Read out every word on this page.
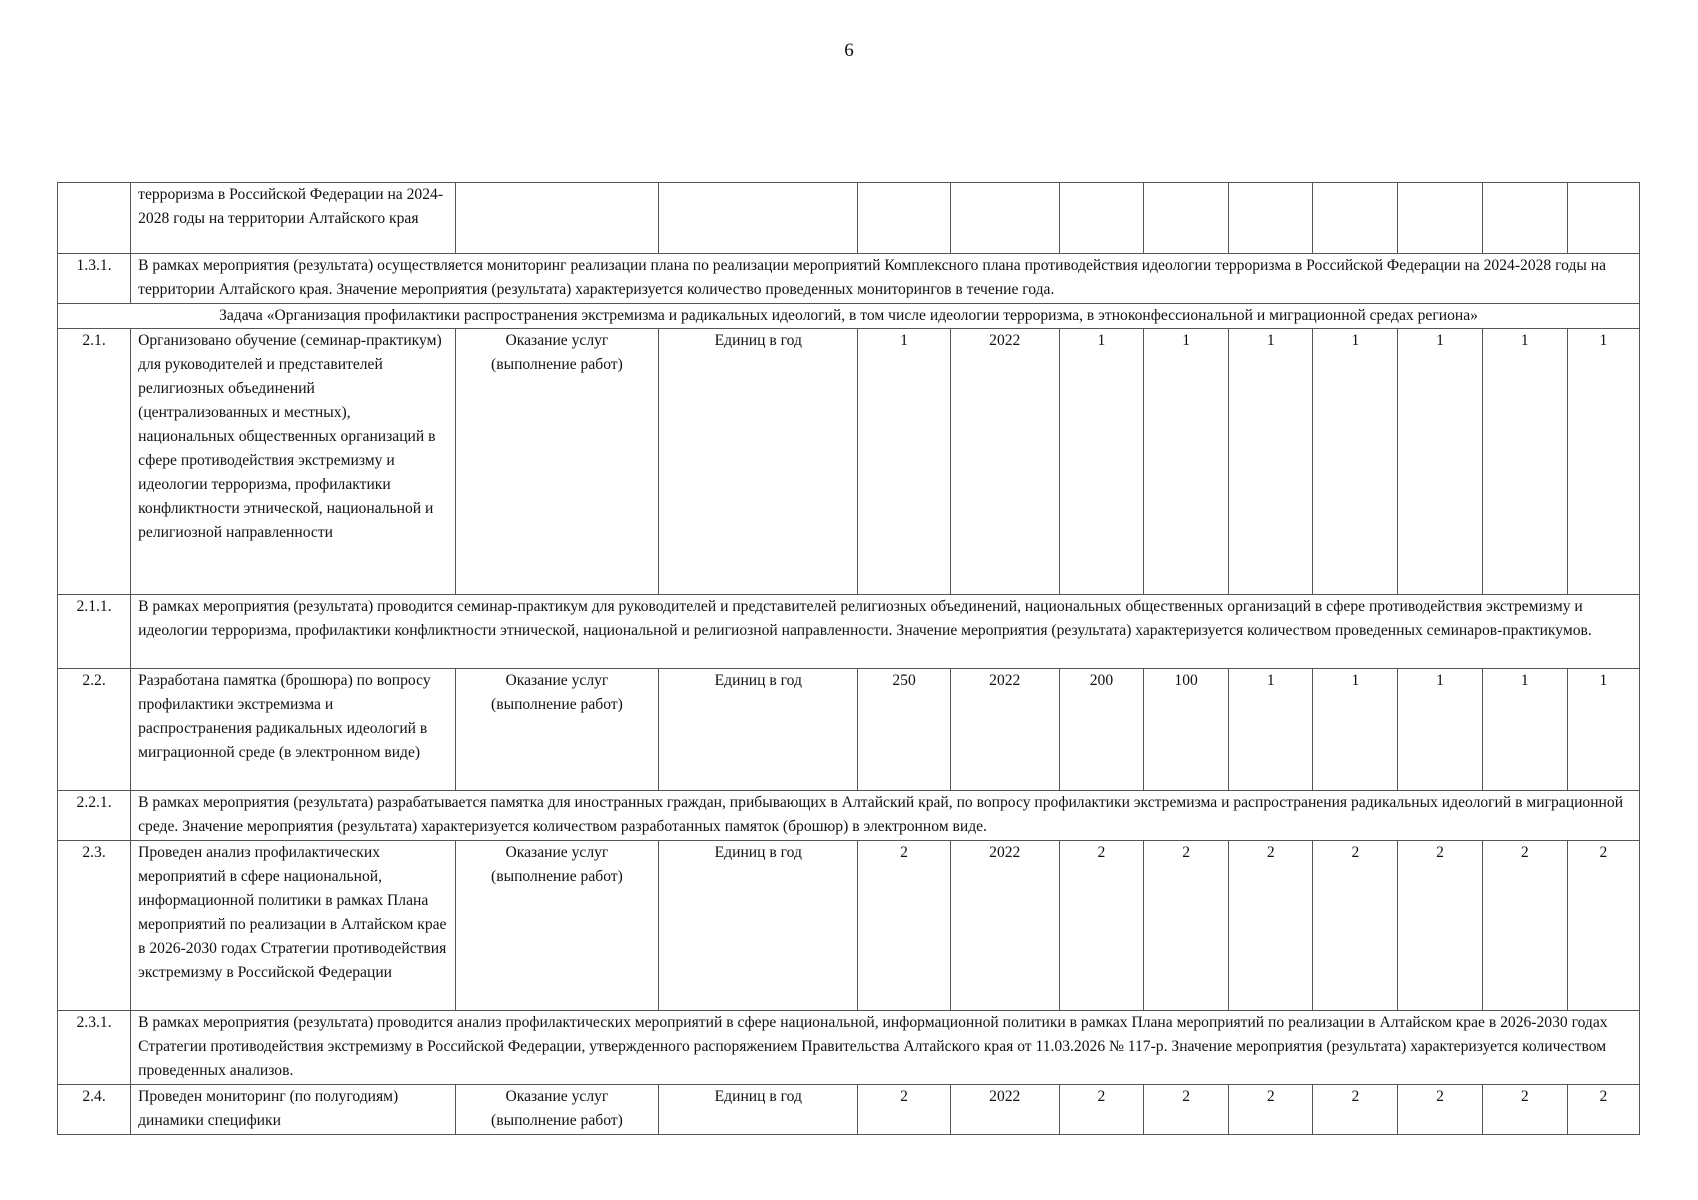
6
	терроризма в Российской Федерации на 2024-2028 годы на территории Алтайского края											
1.3.1.	В рамках мероприятия (результата) осуществляется мониторинг реализации плана по реализации мероприятий Комплексного плана противодействия идеологии терроризма в Российской Федерации на 2024-2028 годы на территории Алтайского края. Значение мероприятия (результата) характеризуется количество проведенных мониторингов в течение года.											
Задача «Организация профилактики распространения экстремизма и радикальных идеологий, в том числе идеологии терроризма, в этноконфессиональной и миграционной средах региона»												
2.1.	Организовано обучение (семинар-практикум) для руководителей и представителей религиозных объединений (централизованных и местных), национальных общественных организаций в сфере противодействия экстремизму и идеологии терроризма, профилактики конфликтности этнической, национальной и религиозной направленности	Оказание услуг (выполнение работ)	Единиц в год	1	2022	1	1	1	1	1	1	1
2.1.1.	В рамках мероприятия (результата) проводится семинар-практикум для руководителей и представителей религиозных объединений, национальных общественных организаций в сфере противодействия экстремизму и идеологии терроризма, профилактики конфликтности этнической, национальной и религиозной направленности. Значение мероприятия (результата) характеризуется количеством проведенных семинаров-практикумов.											
2.2.	Разработана памятка (брошюра) по вопросу профилактики экстремизма и распространения радикальных идеологий в миграционной среде (в электронном виде)	Оказание услуг (выполнение работ)	Единиц в год	250	2022	200	100	1	1	1	1	1
2.2.1.	В рамках мероприятия (результата) разрабатывается памятка для иностранных граждан, прибывающих в Алтайский край, по вопросу профилактики экстремизма и распространения радикальных идеологий в миграционной среде. Значение мероприятия (результата) характеризуется количеством разработанных памяток (брошюр) в электронном виде.											
2.3.	Проведен анализ профилактических мероприятий в сфере национальной, информационной политики в рамках Плана мероприятий по реализации в Алтайском крае в 2026-2030 годах Стратегии противодействия экстремизму в Российской Федерации	Оказание услуг (выполнение работ)	Единиц в год	2	2022	2	2	2	2	2	2	2
2.3.1.	В рамках мероприятия (результата) проводится анализ профилактических мероприятий в сфере национальной, информационной политики в рамках Плана мероприятий по реализации в Алтайском крае в 2026-2030 годах Стратегии противодействия экстремизму в Российской Федерации, утвержденного распоряжением Правительства Алтайского края от 11.03.2026 № 117-р. Значение мероприятия (результата) характеризуется количеством проведенных анализов.											
2.4.	Проведен мониторинг (по полугодиям) динамики специфики	Оказание услуг (выполнение работ)	Единиц в год	2	2022	2	2	2	2	2	2	2
